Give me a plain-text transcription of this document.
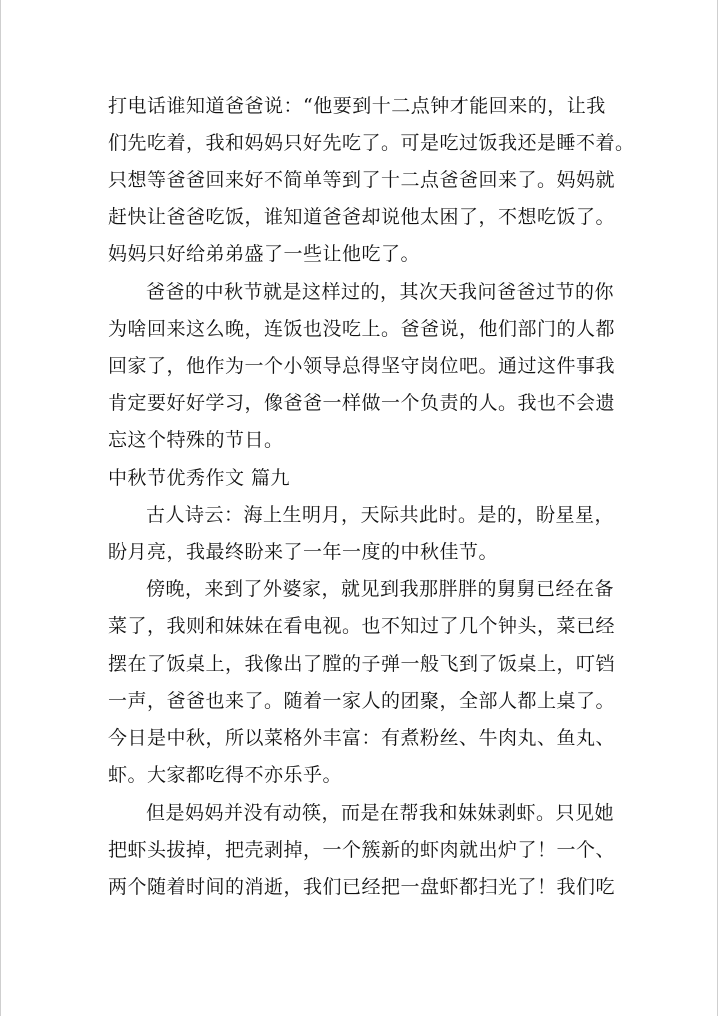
打电话谁知道爸爸说：“他要到十二点钟才能回来的，让我
们先吃着，我和妈妈只好先吃了。可是吃过饭我还是睡不着。
只想等爸爸回来好不简单等到了十二点爸爸回来了。妈妈就
赶快让爸爸吃饭，谁知道爸爸却说他太困了，不想吃饭了。
妈妈只好给弟弟盛了一些让他吃了。
爸爸的中秋节就是这样过的，其次天我问爸爸过节的你
为啥回来这么晚，连饭也没吃上。爸爸说，他们部门的人都
回家了，他作为一个小领导总得坚守岗位吧。通过这件事我
肯定要好好学习，像爸爸一样做一个负责的人。我也不会遗
忘这个特殊的节日。
中秋节优秀作文 篇九
古人诗云：海上生明月，天际共此时。是的，盼星星，
盼月亮，我最终盼来了一年一度的中秋佳节。
傍晚，来到了外婆家，就见到我那胖胖的舅舅已经在备
菜了，我则和妹妹在看电视。也不知过了几个钟头，菜已经
摆在了饭桌上，我像出了膛的子弹一般飞到了饭桌上，叮铛
一声，爸爸也来了。随着一家人的团聚，全部人都上桌了。
今日是中秋，所以菜格外丰富：有煮粉丝、牛肉丸、鱼丸、
虾。大家都吃得不亦乐乎。
但是妈妈并没有动筷，而是在帮我和妹妹剥虾。只见她
把虾头拔掉，把壳剥掉，一个簇新的虾肉就出炉了！一个、
两个随着时间的消逝，我们已经把一盘虾都扫光了！我们吃
